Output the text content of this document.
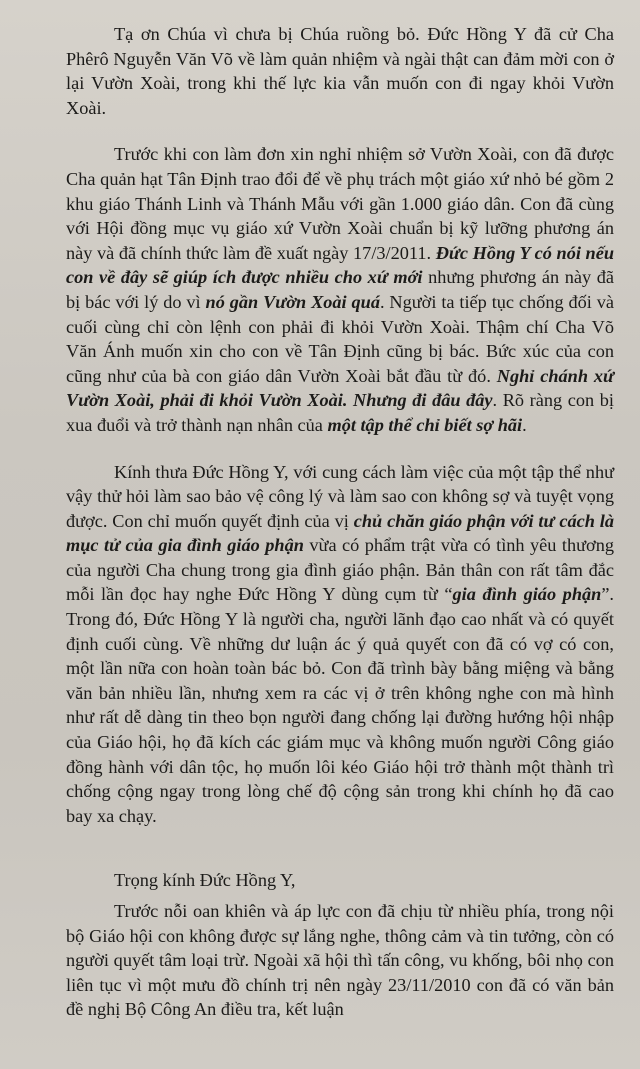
Tạ ơn Chúa vì chưa bị Chúa ruồng bỏ. Đức Hồng Y đã cử Cha Phêrô Nguyễn Văn Võ về làm quản nhiệm và ngài thật can đảm mời con ở lại Vườn Xoài, trong khi thế lực kia vẫn muốn con đi ngay khỏi Vườn Xoài.

Trước khi con làm đơn xin nghỉ nhiệm sở Vườn Xoài, con đã được Cha quản hạt Tân Định trao đổi để về phụ trách một giáo xứ nhỏ bé gồm 2 khu giáo Thánh Linh và Thánh Mẫu với gần 1.000 giáo dân. Con đã cùng với Hội đồng mục vụ giáo xứ Vườn Xoài chuẩn bị kỹ lưỡng phương án này và đã chính thức làm đề xuất ngày 17/3/2011. Đức Hồng Y có nói nếu con về đây sẽ giúp ích được nhiều cho xứ mới nhưng phương án này đã bị bác với lý do vì nó gần Vườn Xoài quá. Người ta tiếp tục chống đối và cuối cùng chỉ còn lệnh con phải đi khỏi Vườn Xoài. Thậm chí Cha Võ Văn Ánh muốn xin cho con về Tân Định cũng bị bác. Bức xúc của con cũng như của bà con giáo dân Vườn Xoài bắt đầu từ đó. Nghỉ chánh xứ Vườn Xoài, phải đi khỏi Vườn Xoài. Nhưng đi đâu đây. Rõ ràng con bị xua đuổi và trở thành nạn nhân của một tập thể chỉ biết sợ hãi.

Kính thưa Đức Hồng Y, với cung cách làm việc của một tập thể như vậy thử hỏi làm sao bảo vệ công lý và làm sao con không sợ và tuyệt vọng được. Con chỉ muốn quyết định của vị chủ chăn giáo phận với tư cách là mục tử của gia đình giáo phận vừa có phẩm trật vừa có tình yêu thương của người Cha chung trong gia đình giáo phận. Bản thân con rất tâm đắc mỗi lần đọc hay nghe Đức Hồng Y dùng cụm từ “gia đình giáo phận”. Trong đó, Đức Hồng Y là người cha, người lãnh đạo cao nhất và có quyết định cuối cùng. Về những dư luận ác ý quả quyết con đã có vợ có con, một lần nữa con hoàn toàn bác bỏ. Con đã trình bày bằng miệng và bằng văn bản nhiều lần, nhưng xem ra các vị ở trên không nghe con mà hình như rất dễ dàng tin theo bọn người đang chống lại đường hướng hội nhập của Giáo hội, họ đã kích các giám mục và không muốn người Công giáo đồng hành với dân tộc, họ muốn lôi kéo Giáo hội trở thành một thành trì chống cộng ngay trong lòng chế độ cộng sản trong khi chính họ đã cao bay xa chạy.

Trọng kính Đức Hồng Y,

Trước nỗi oan khiên và áp lực con đã chịu từ nhiều phía, trong nội bộ Giáo hội con không được sự lắng nghe, thông cảm và tin tưởng, còn có người quyết tâm loại trừ. Ngoài xã hội thì tấn công, vu khống, bôi nhọ con liên tục vì một mưu đồ chính trị nên ngày 23/11/2010 con đã có văn bản đề nghị Bộ Công An điều tra, kết luận
